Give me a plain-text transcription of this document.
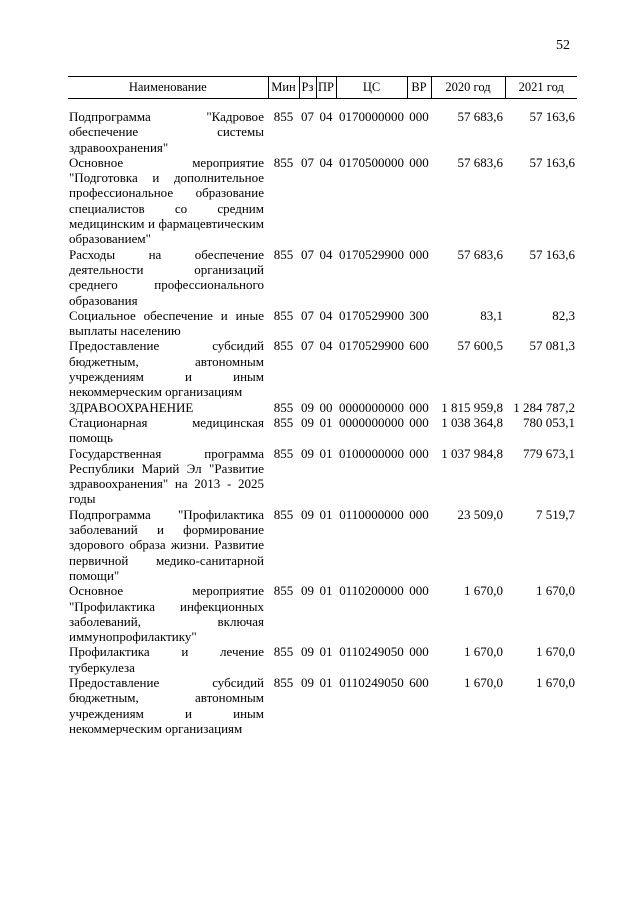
52
Наименование	Мин	Рз	ПР	ЦС	ВР	2020 год	2021 год
Подпрограмма "Кадровое обеспечение системы здравоохранения"	855	07	04	0170000000	000	57 683,6	57 163,6
Основное мероприятие "Подготовка и дополнительное профессиональное образование специалистов со средним медицинским и фармацевтическим образованием"	855	07	04	0170500000	000	57 683,6	57 163,6
Расходы на обеспечение деятельности организаций среднего профессионального образования	855	07	04	0170529900	000	57 683,6	57 163,6
Социальное обеспечение и иные выплаты населению	855	07	04	0170529900	300	83,1	82,3
Предоставление субсидий бюджетным, автономным учреждениям и иным некоммерческим организациям	855	07	04	0170529900	600	57 600,5	57 081,3
ЗДРАВООХРАНЕНИЕ	855	09	00	0000000000	000	1 815 959,8	1 284 787,2
Стационарная медицинская помощь	855	09	01	0000000000	000	1 038 364,8	780 053,1
Государственная программа Республики Марий Эл "Развитие здравоохранения" на 2013 - 2025 годы	855	09	01	0100000000	000	1 037 984,8	779 673,1
Подпрограмма "Профилактика заболеваний и формирование здорового образа жизни. Развитие первичной медико-санитарной помощи"	855	09	01	0110000000	000	23 509,0	7 519,7
Основное мероприятие "Профилактика инфекционных заболеваний, включая иммунопрофилактику"	855	09	01	0110200000	000	1 670,0	1 670,0
Профилактика и лечение туберкулеза	855	09	01	0110249050	000	1 670,0	1 670,0
Предоставление субсидий бюджетным, автономным учреждениям и иным некоммерческим организациям	855	09	01	0110249050	600	1 670,0	1 670,0
